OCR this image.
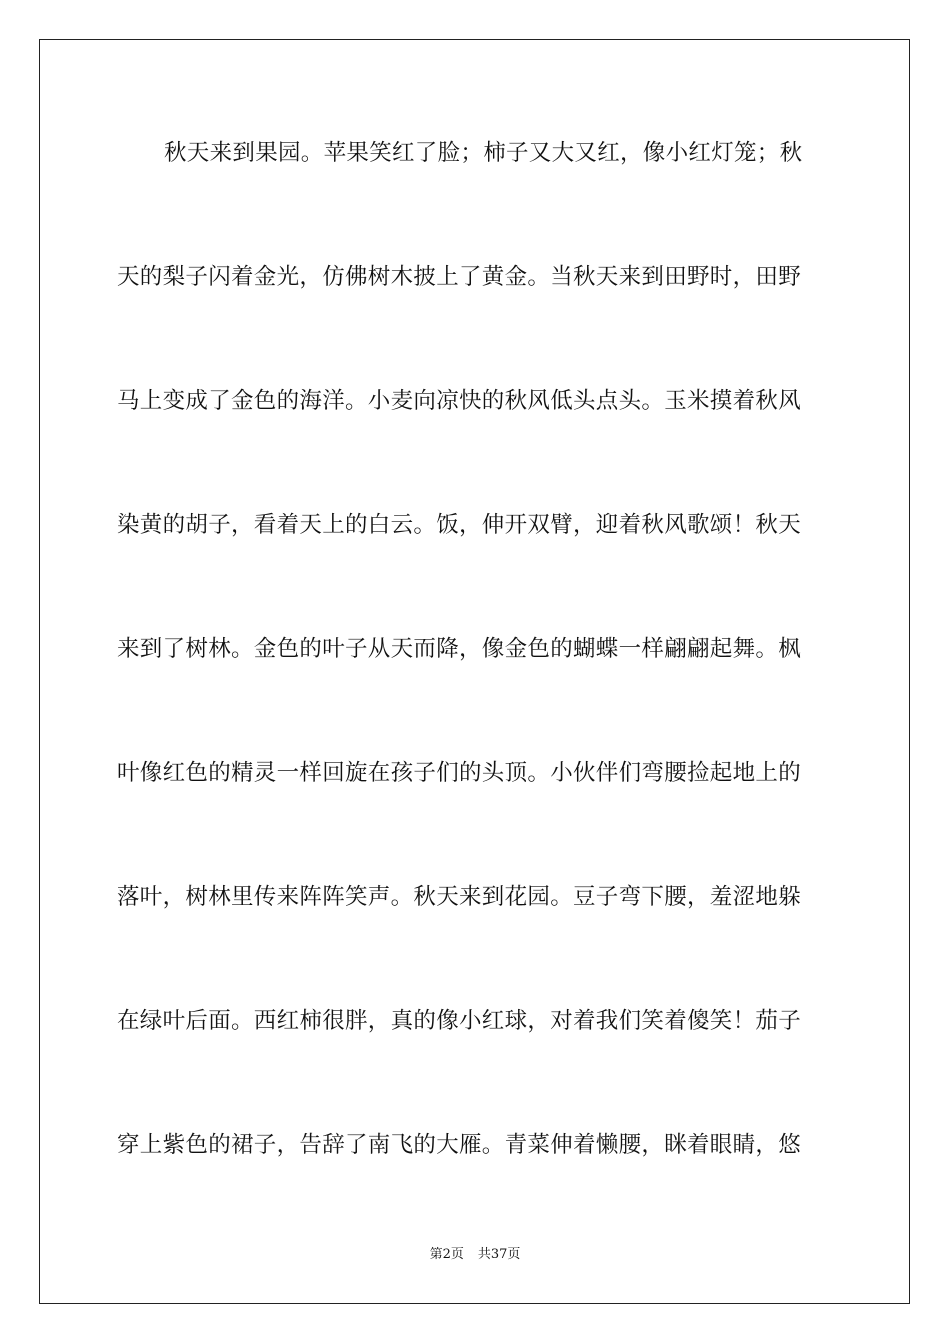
秋天来到果园。苹果笑红了脸；柿子又大又红，像小红灯笼；秋
天的梨子闪着金光，仿佛树木披上了黄金。当秋天来到田野时，田野
马上变成了金色的海洋。小麦向凉快的秋风低头点头。玉米摸着秋风
染黄的胡子，看着天上的白云。饭，伸开双臂，迎着秋风歌颂！秋天
来到了树林。金色的叶子从天而降，像金色的蝴蝶一样翩翩起舞。枫
叶像红色的精灵一样回旋在孩子们的头顶。小伙伴们弯腰捡起地上的
落叶，树林里传来阵阵笑声。秋天来到花园。豆子弯下腰，羞涩地躲
在绿叶后面。西红柿很胖，真的像小红球，对着我们笑着傻笑！茄子
穿上紫色的裙子，告辞了南飞的大雁。青菜伸着懒腰，眯着眼睛，悠
第2页 共37页
